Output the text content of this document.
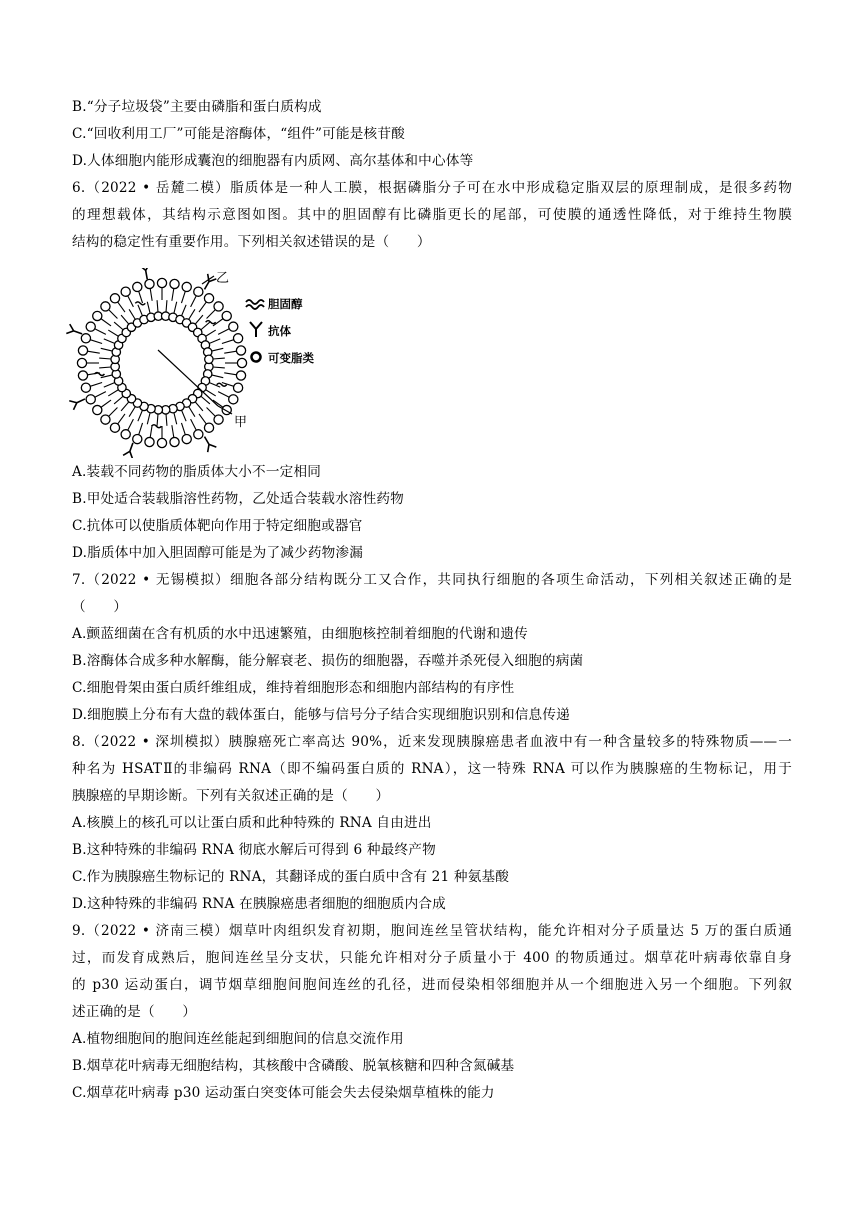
B.“分子垃圾袋”主要由磷脂和蛋白质构成
C.“回收利用工厂”可能是溶酶体，“组件”可能是核苷酸
D.人体细胞内能形成囊泡的细胞器有内质网、高尔基体和中心体等
6.（2022 • 岳麓二模）脂质体是一种人工膜，根据磷脂分子可在水中形成稳定脂双层的原理制成，是很多药物
的理想载体，其结构示意图如图。其中的胆固醇有比磷脂更长的尾部，可使膜的通透性降低，对于维持生物膜
结构的稳定性有重要作用。下列相关叙述错误的是（　　）
乙
甲
胆固醇
抗体
可变脂类
A.装载不同药物的脂质体大小不一定相同
B.甲处适合装载脂溶性药物，乙处适合装载水溶性药物
C.抗体可以使脂质体靶向作用于特定细胞或器官
D.脂质体中加入胆固醇可能是为了减少药物渗漏
7.（2022 • 无锡模拟）细胞各部分结构既分工又合作，共同执行细胞的各项生命活动，下列相关叙述正确的是
（　　）
A.颤蓝细菌在含有机质的水中迅速繁殖，由细胞核控制着细胞的代谢和遗传
B.溶酶体合成多种水解酶，能分解衰老、损伤的细胞器，吞噬并杀死侵入细胞的病菌
C.细胞骨架由蛋白质纤维组成，维持着细胞形态和细胞内部结构的有序性
D.细胞膜上分布有大盘的载体蛋白，能够与信号分子结合实现细胞识别和信息传递
8.（2022 • 深圳模拟）胰腺癌死亡率高达 90%，近来发现胰腺癌患者血液中有一种含量较多的特殊物质——一
种名为 HSATⅡ的非编码 RNA（即不编码蛋白质的 RNA），这一特殊 RNA 可以作为胰腺癌的生物标记，用于
胰腺癌的早期诊断。下列有关叙述正确的是（　　）
A.核膜上的核孔可以让蛋白质和此种特殊的 RNA 自由进出
B.这种特殊的非编码 RNA 彻底水解后可得到 6 种最终产物
C.作为胰腺癌生物标记的 RNA，其翻译成的蛋白质中含有 21 种氨基酸
D.这种特殊的非编码 RNA 在胰腺癌患者细胞的细胞质内合成
9.（2022 • 济南三模）烟草叶肉组织发育初期，胞间连丝呈管状结构，能允许相对分子质量达 5 万的蛋白质通
过，而发育成熟后，胞间连丝呈分支状，只能允许相对分子质量小于 400 的物质通过。烟草花叶病毒依靠自身
的 p30 运动蛋白，调节烟草细胞间胞间连丝的孔径，进而侵染相邻细胞并从一个细胞进入另一个细胞。下列叙
述正确的是（　　）
A.植物细胞间的胞间连丝能起到细胞间的信息交流作用
B.烟草花叶病毒无细胞结构，其核酸中含磷酸、脱氧核糖和四种含氮碱基
C.烟草花叶病毒 p30 运动蛋白突变体可能会失去侵染烟草植株的能力
